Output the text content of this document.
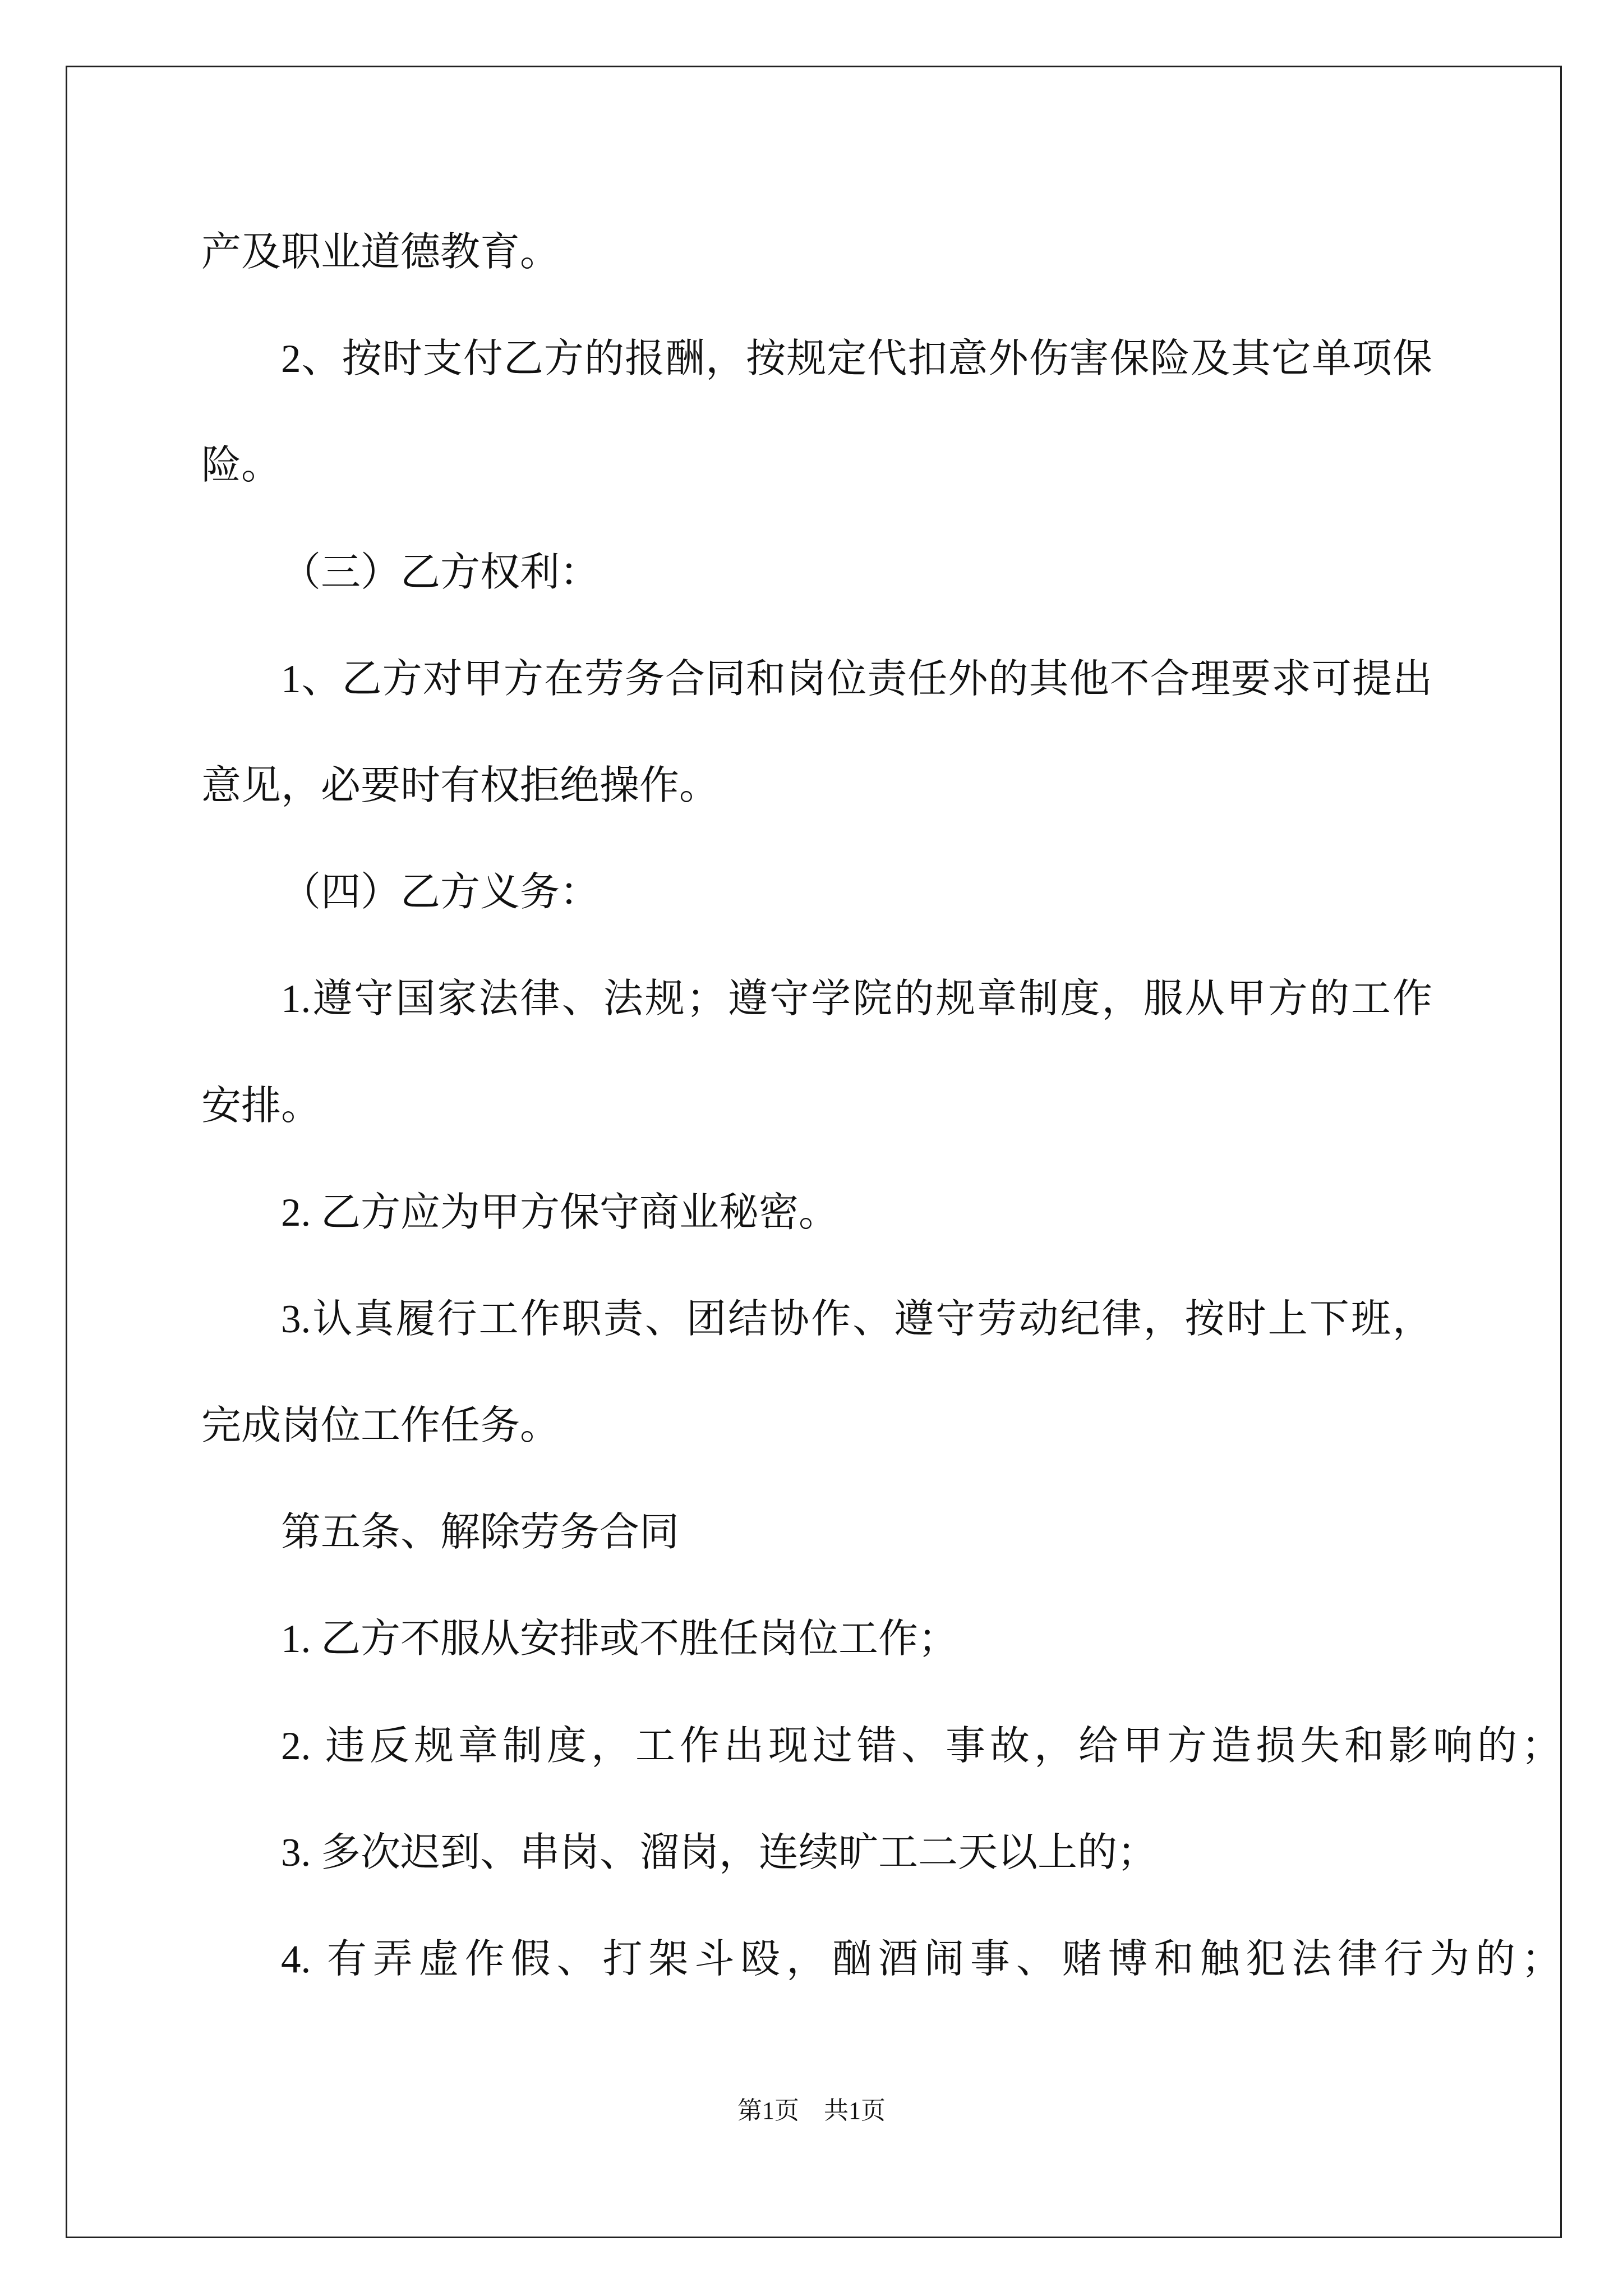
产及职业道德教育。
2、按时支付乙方的报酬，按规定代扣意外伤害保险及其它单项保
险。
（三）乙方权利：
1、乙方对甲方在劳务合同和岗位责任外的其他不合理要求可提出
意见，必要时有权拒绝操作。
（四）乙方义务：
1.遵守国家法律、法规；遵守学院的规章制度，服从甲方的工作
安排。
2. 乙方应为甲方保守商业秘密。
3.认真履行工作职责、团结协作、遵守劳动纪律，按时上下班，
完成岗位工作任务。
第五条、解除劳务合同
1. 乙方不服从安排或不胜任岗位工作；
2. 违反规章制度，工作出现过错、事故，给甲方造损失和影响的；
3. 多次迟到、串岗、溜岗，连续旷工二天以上的；
4. 有弄虚作假、打架斗殴，酗酒闹事、赌博和触犯法律行为的；
第1页 共1页
